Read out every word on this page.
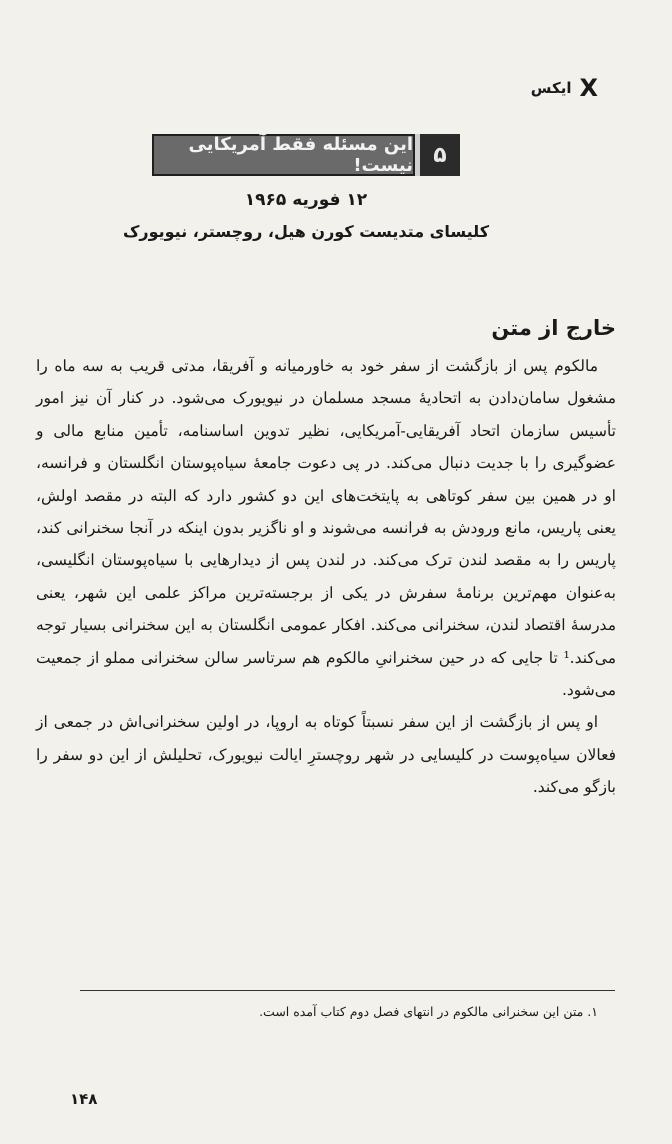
X
ایکس
۵
این مسئله فقط آمریکایی نیست!
۱۲ فوریه ۱۹۶۵
کلیسای متدیست کورن هیل، روچستر، نیویورک
خارج از متن

مالکوم پس از بازگشت از سفر خود به خاورمیانه و آفریقا، مدتی قریب به سه ماه را مشغول سامان‌دادن به اتحادیهٔ مسجد مسلمان در نیویورک می‌شود. در کنار آن نیز امور تأسیس سازمان اتحاد آفریقایی-آمریکایی، نظیر تدوین اساسنامه، تأمین منابع مالی و عضوگیری را با جدیت دنبال می‌کند. در پی دعوت جامعهٔ سیاه‌پوستان انگلستان و فرانسه، او در همین بین سفر کوتاهی به پایتخت‌های این دو کشور دارد که البته در مقصد اولش، یعنی پاریس، مانع ورودش به فرانسه می‌شوند و او ناگزیر بدون اینکه در آنجا سخنرانی کند، پاریس را به مقصد لندن ترک می‌کند. در لندن پس از دیدارهایی با سیاه‌پوستان انگلیسی، به‌عنوان مهم‌ترین برنامهٔ سفرش در یکی از برجسته‌ترین مراکز علمی این شهر، یعنی مدرسهٔ اقتصاد لندن، سخنرانی می‌کند. افکار عمومی انگلستان به این سخنرانی بسیار توجه می‌کند.¹ تا جایی که در حین سخنرانیِ مالکوم هم سرتاسر سالن سخنرانی مملو از جمعیت می‌شود.

او پس از بازگشت از این سفر نسبتاً کوتاه به اروپا، در اولین سخنرانی‌اش در جمعی از فعالان سیاه‌پوست در کلیسایی در شهر روچسترِ ایالت نیویورک، تحلیلش از این دو سفر را بازگو می‌کند.

۱. متن این سخنرانی مالکوم در انتهای فصل دوم کتاب آمده است.
۱۴۸
